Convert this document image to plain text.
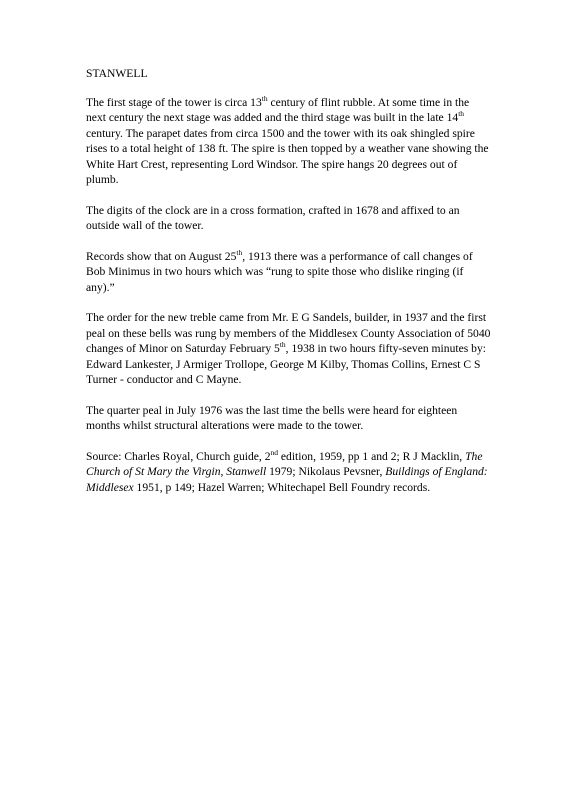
STANWELL

The first stage of the tower is circa 13th century of flint rubble. At some time in the next century the next stage was added and the third stage was built in the late 14th century. The parapet dates from circa 1500 and the tower with its oak shingled spire rises to a total height of 138 ft. The spire is then topped by a weather vane showing the White Hart Crest, representing Lord Windsor. The spire hangs 20 degrees out of plumb.

The digits of the clock are in a cross formation, crafted in 1678 and affixed to an outside wall of the tower.

Records show that on August 25th, 1913 there was a performance of call changes of Bob Minimus in two hours which was “rung to spite those who dislike ringing (if any).”

The order for the new treble came from Mr. E G Sandels, builder, in 1937 and the first peal on these bells was rung by members of the Middlesex County Association of 5040 changes of Minor on Saturday February 5th, 1938 in two hours fifty-seven minutes by: Edward Lankester, J Armiger Trollope, George M Kilby, Thomas Collins, Ernest C S Turner - conductor and C Mayne.

The quarter peal in July 1976 was the last time the bells were heard for eighteen months whilst structural alterations were made to the tower.

Source: Charles Royal, Church guide, 2nd edition, 1959, pp 1 and 2; R J Macklin, The Church of St Mary the Virgin, Stanwell 1979; Nikolaus Pevsner, Buildings of England: Middlesex 1951, p 149; Hazel Warren; Whitechapel Bell Foundry records.
